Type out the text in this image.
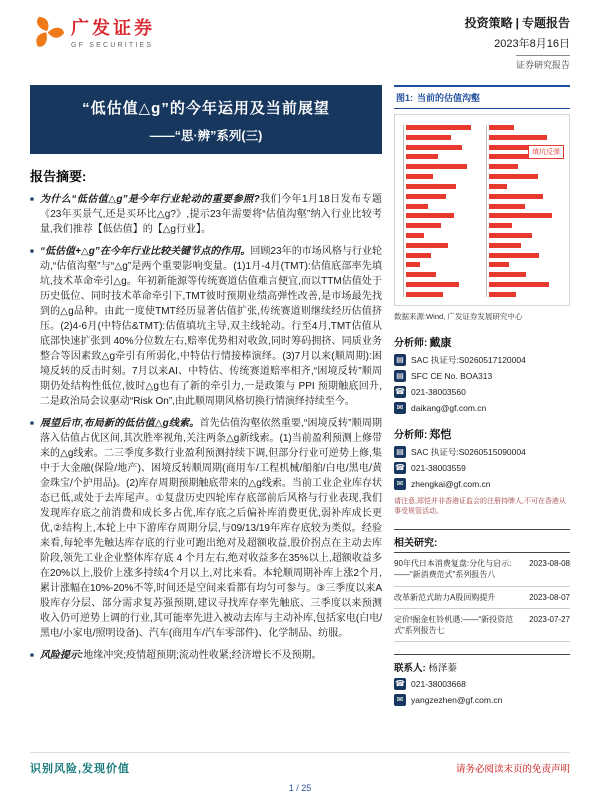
广发证券
GF SECURITIES
投资策略 | 专题报告
2023年8月16日
证券研究报告
“低估值△g”的今年运用及当前展望
——“思·辨”系列(三)
报告摘要:
■ 为什么“低估值△g”是今年行业轮动的重要参照?我们今年1月18日发布专题《23年买景气,还是买环比△g?》,提示23年需要将“估值沟壑”纳入行业比较考量,我们推荐【低估值】的【△g行业】。
■ “低估值+△g”在今年行业比较关键节点的作用。回顾23年的市场风格与行业轮动,“估值沟壑”与“△g”是两个重要影响变量。(1)1月-4月(TMT):估值底部率先填坑,技术革命牵引△g。年初新能源等传统赛道估值难言便宜,而以TTM估值处于历史低位、同时技术革命牵引下,TMT彼时预期业绩高弹性改善,是市场最先找到的△g品种。由此一度使TMT经历显著估值扩张,传统赛道则继续经历估值挤压。(2)4-6月(中特估&TMT):估值填坑主导,双主线轮动。行至4月,TMT估值从底部快速扩张到 40%分位数左右,赔率优势相对收敛,同时筹码拥挤、同质业务整合等因素致△g牵引有所弱化,中特估行情接棒演绎。(3)7月以来(顺周期):困境反转的反击时刻。7月以来AI、中特估、传统赛道赔率相齐,“困境反转”顺周期仍处结构性低位,彼时△g也有了新的牵引力,一是政策与 PPI 预期触底回升,二是政治局会议驱动“Risk On”,由此顺周期风格切换行情演绎持续至今。
■ 展望后市,布局新的低估值△g线索。首先估值沟壑依然重要,“困境反转”顺周期落入估值占优区间,其次胜率视角,关注两条△g新线索。(1)当前盈利预测上修带来的△g线索。二三季度多数行业盈利预测持续下调,但部分行业可逆势上修,集中于大金融(保险/地产)、困境反转顺周期(商用车/工程机械/船舶/白电/黑电/黄金珠宝/个护用品)。(2)库存周期预期触底带来的△g线索。当前工业企业库存状态已低,或处于去库尾声。①复盘历史四轮库存底部前后风格与行业表现,我们发现库存底之前消费和成长多占优,库存底之后偏补库消费更优,弱补库成长更优,②结构上,本轮上中下游库存周期分层,与09/13/19年库存底较为类似。经验来看,每轮率先触达库存底的行业可跑出绝对及超额收益,股价拐点在主动去库阶段,领先工业企业整体库存底 4 个月左右,绝对收益多在35%以上,超额收益多在20%以上,股价上涨多持续4个月以上,对比来看。本轮顺周期补库上涨2个月,累计涨幅在10%-20%不等,时间还是空间来看都有均匀可参与。③三季度以来A股库存分层、部分需求复苏强预期,建议寻找库存率先触底、三季度以来预测收入仍可逆势上调的行业,其可能率先进入被动去库与主动补库,包括家电(白电/黑电/小家电/照明设备)、汽车(商用车/汽车零部件)、化学制品、纺服。
■ 风险提示:地缘冲突;疫情超预期;流动性收紧;经济增长不及预期。
图1: 当前的估值沟壑
填坑反弹
数据来源:Wind, 广发证券发展研究中心
分析师: 戴康
▤ SAC 执证号:S0260517120004
▤ SFC CE No. BOA313
☎ 021-38003560
✉ daikang@gf.com.cn
分析师: 郑恺
▤ SAC 执证号:S0260515090004
☎ 021-38003559
✉ zhengkai@gf.com.cn
请注意,郑恺并非香港证监会的注册持牌人,不可在香港从事受规管活动。
相关研究:
90年代日本消费复盘:分化与启示:——“新消费范式”系列报告八
2023-08-08
改革新范式助力A股回购提升	2023-08-07
定价!掘金杠铃机遇:——“新投资范式”系列报告七
2023-07-27
联系人: 杨泽蓁
☎ 021-38003668
✉ yangzezhen@gf.com.cn
识别风险,发现价值	请务必阅读末页的免责声明
1 / 25
